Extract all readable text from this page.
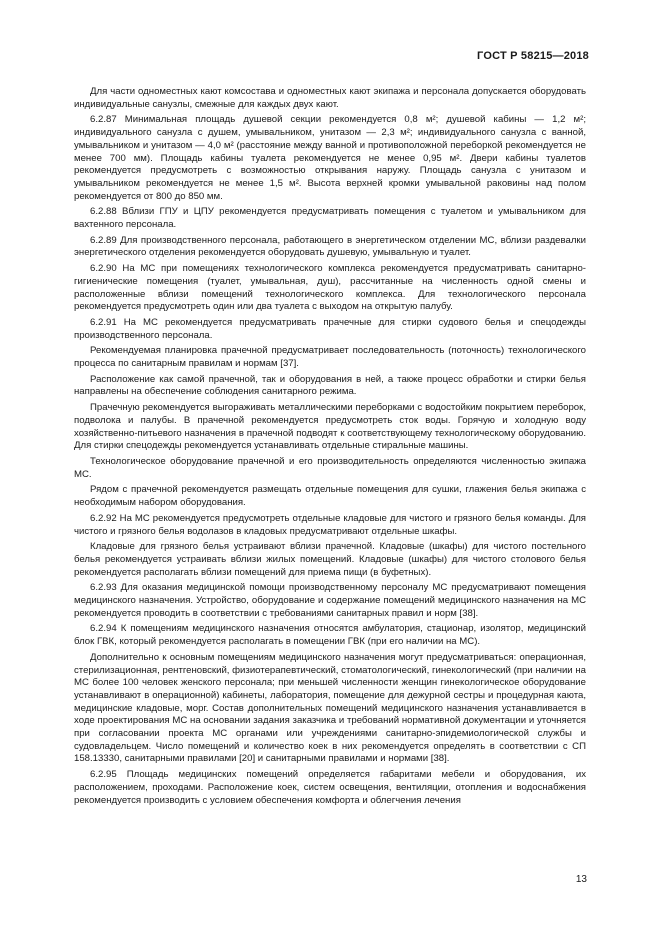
ГОСТ Р 58215—2018

Для части одноместных кают комсостава и одноместных кают экипажа и персонала допускается оборудовать индивидуальные санузлы, смежные для каждых двух кают.

6.2.87 Минимальная площадь душевой секции рекомендуется 0,8 м²; душевой кабины — 1,2 м²; индивидуального санузла с душем, умывальником, унитазом — 2,3 м²; индивидуального санузла с ванной, умывальником и унитазом — 4,0 м² (расстояние между ванной и противоположной переборкой рекомендуется не менее 700 мм). Площадь кабины туалета рекомендуется не менее 0,95 м². Двери кабины туалетов рекомендуется предусмотреть с возможностью открывания наружу. Площадь санузла с унитазом и умывальником рекомендуется не менее 1,5 м². Высота верхней кромки умывальной раковины над полом рекомендуется от 800 до 850 мм.

6.2.88 Вблизи ГПУ и ЦПУ рекомендуется предусматривать помещения с туалетом и умывальником для вахтенного персонала.

6.2.89 Для производственного персонала, работающего в энергетическом отделении МС, вблизи раздевалки энергетического отделения рекомендуется оборудовать душевую, умывальную и туалет.

6.2.90 На МС при помещениях технологического комплекса рекомендуется предусматривать санитарно-гигиенические помещения (туалет, умывальная, душ), рассчитанные на численность одной смены и расположенные вблизи помещений технологического комплекса. Для технологического персонала рекомендуется предусмотреть один или два туалета с выходом на открытую палубу.

6.2.91 На МС рекомендуется предусматривать прачечные для стирки судового белья и спецодежды производственного персонала.

Рекомендуемая планировка прачечной предусматривает последовательность (поточность) технологического процесса по санитарным правилам и нормам [37].

Расположение как самой прачечной, так и оборудования в ней, а также процесс обработки и стирки белья направлены на обеспечение соблюдения санитарного режима.

Прачечную рекомендуется выгораживать металлическими переборками с водостойким покрытием переборок, подволока и палубы. В прачечной рекомендуется предусмотреть сток воды. Горячую и холодную воду хозяйственно-питьевого назначения в прачечной подводят к соответствующему технологическому оборудованию. Для стирки спецодежды рекомендуется устанавливать отдельные стиральные машины.

Технологическое оборудование прачечной и его производительность определяются численностью экипажа МС.

Рядом с прачечной рекомендуется размещать отдельные помещения для сушки, глажения белья экипажа с необходимым набором оборудования.

6.2.92 На МС рекомендуется предусмотреть отдельные кладовые для чистого и грязного белья команды. Для чистого и грязного белья водолазов в кладовых предусматривают отдельные шкафы.

Кладовые для грязного белья устраивают вблизи прачечной. Кладовые (шкафы) для чистого постельного белья рекомендуется устраивать вблизи жилых помещений. Кладовые (шкафы) для чистого столового белья рекомендуется располагать вблизи помещений для приема пищи (в буфетных).

6.2.93 Для оказания медицинской помощи производственному персоналу МС предусматривают помещения медицинского назначения. Устройство, оборудование и содержание помещений медицинского назначения на МС рекомендуется проводить в соответствии с требованиями санитарных правил и норм [38].

6.2.94 К помещениям медицинского назначения относятся амбулатория, стационар, изолятор, медицинский блок ГВК, который рекомендуется располагать в помещении ГВК (при его наличии на МС).

Дополнительно к основным помещениям медицинского назначения могут предусматриваться: операционная, стерилизационная, рентгеновский, физиотерапевтический, стоматологический, гинекологический (при наличии на МС более 100 человек женского персонала; при меньшей численности женщин гинекологическое оборудование устанавливают в операционной) кабинеты, лаборатория, помещение для дежурной сестры и процедурная каюта, медицинские кладовые, морг. Состав дополнительных помещений медицинского назначения устанавливается в ходе проектирования МС на основании задания заказчика и требований нормативной документации и уточняется при согласовании проекта МС органами или учреждениями санитарно-эпидемиологической службы и судовладельцем. Число помещений и количество коек в них рекомендуется определять в соответствии с СП 158.13330, санитарными правилами [20] и санитарными правилами и нормами [38].

6.2.95 Площадь медицинских помещений определяется габаритами мебели и оборудования, их расположением, проходами. Расположение коек, систем освещения, вентиляции, отопления и водоснабжения рекомендуется производить с условием обеспечения комфорта и облегчения лечения

13
